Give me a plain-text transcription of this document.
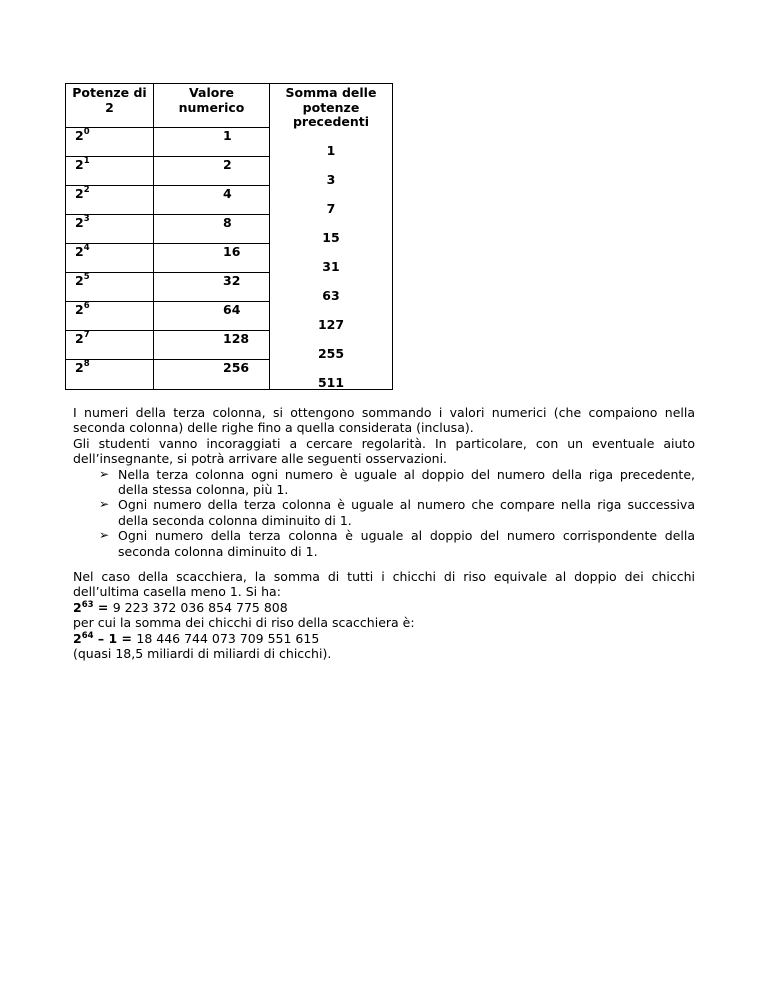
Potenze di
2
Valore
numerico
Somma delle
potenze
precedenti
$2^0$
$2^1$
$2^2$
$2^3$
$2^4$
$2^5$
$2^6$
$2^7$
$2^8$
1
2
4
8
16
32
64
128
256
1
3
7
15
31
63
127
255
511
I numeri della terza colonna, si ottengono sommando i valori numerici (che compaiono nella
seconda colonna) delle righe fino a quella considerata (inclusa).
Gli studenti vanno incoraggiati a cercare regolarità. In particolare, con un eventuale aiuto
dell’insegnante, si potrà arrivare alle seguenti osservazioni.
➢ Nella terza colonna ogni numero è uguale al doppio del numero della riga precedente,
della stessa colonna, più 1.
➢ Ogni numero della terza colonna è uguale al numero che compare nella riga successiva
della seconda colonna diminuito di 1.
➢ Ogni numero della terza colonna è uguale al doppio del numero corrispondente della
seconda colonna diminuito di 1.
Nel caso della scacchiera, la somma di tutti i chicchi di riso equivale al doppio dei chicchi
dell’ultima casella meno 1. Si ha:
$2^{63} = 9$ 223 372 036 854 775 808
per cui la somma dei chicchi di riso della scacchiera è:
$2^{64} - 1 = 18$ 446 744 073 709 551 615
(quasi 18,5 miliardi di miliardi di chicchi).
